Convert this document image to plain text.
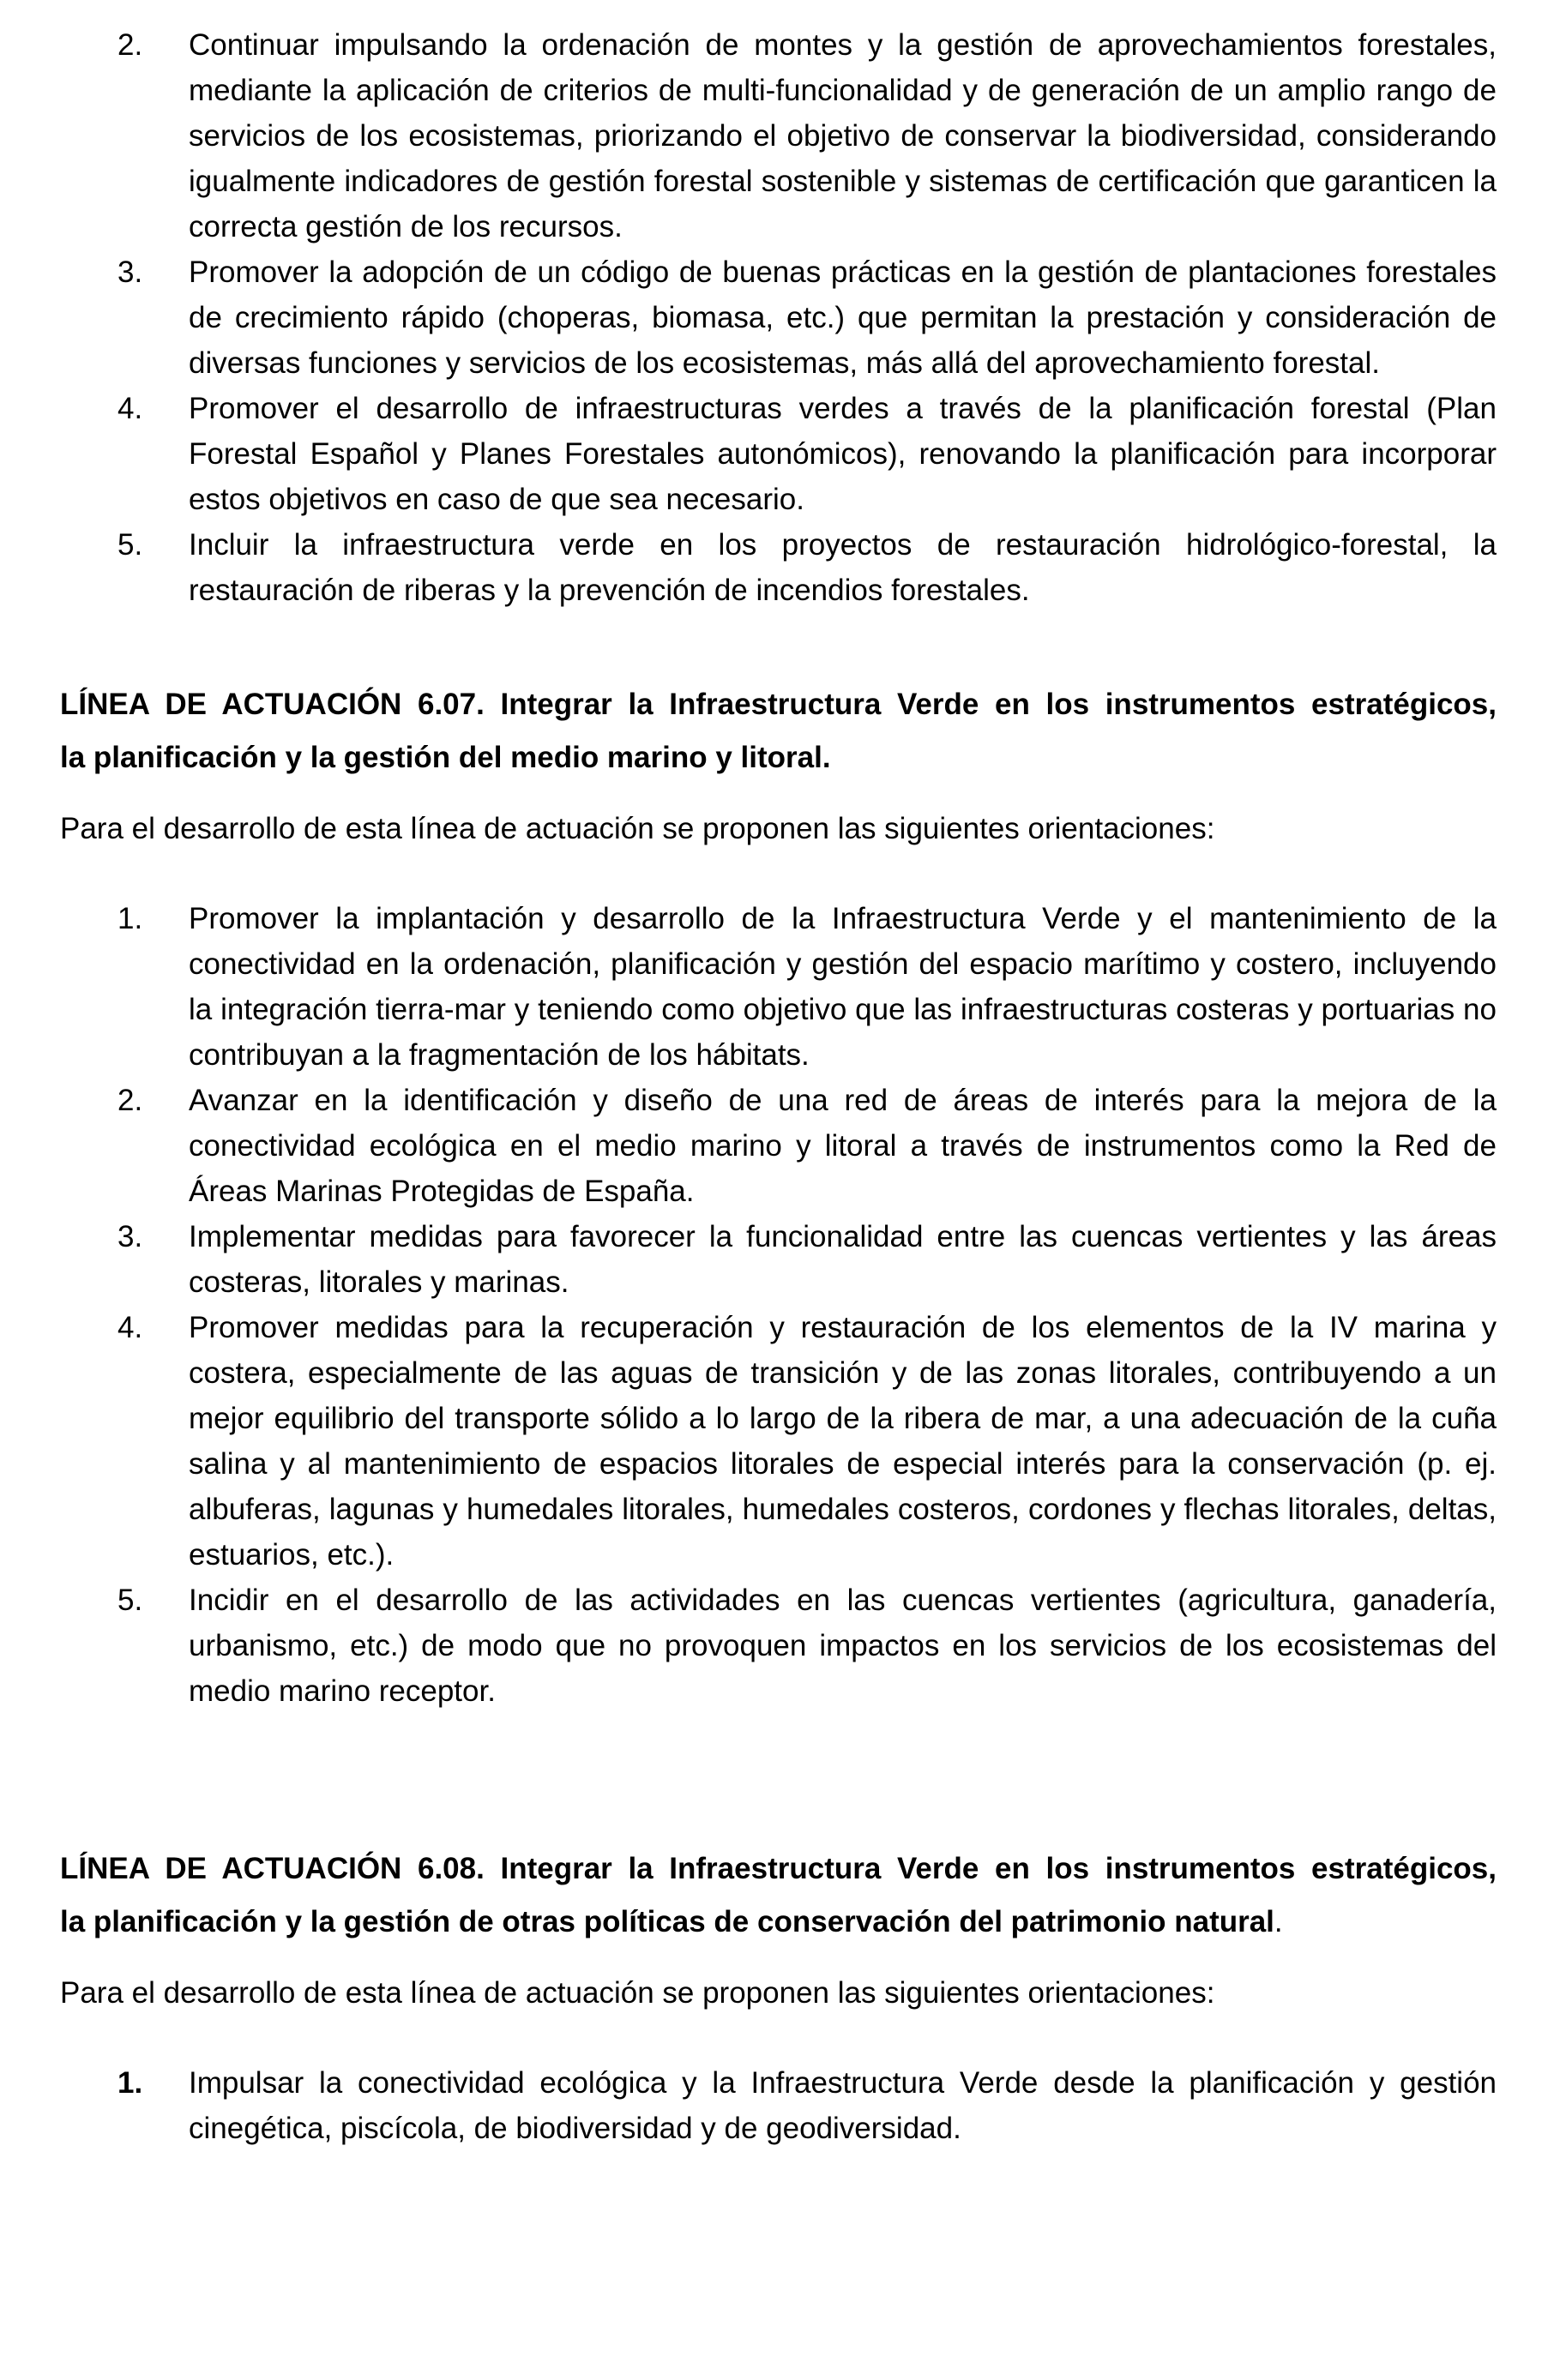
2. Continuar impulsando la ordenación de montes y la gestión de aprovechamientos forestales, mediante la aplicación de criterios de multi-funcionalidad y de generación de un amplio rango de servicios de los ecosistemas, priorizando el objetivo de conservar la biodiversidad, considerando igualmente indicadores de gestión forestal sostenible y sistemas de certificación que garanticen la correcta gestión de los recursos.
3. Promover la adopción de un código de buenas prácticas en la gestión de plantaciones forestales de crecimiento rápido (choperas, biomasa, etc.) que permitan la prestación y consideración de diversas funciones y servicios de los ecosistemas, más allá del aprovechamiento forestal.
4. Promover el desarrollo de infraestructuras verdes a través de la planificación forestal (Plan Forestal Español y Planes Forestales autonómicos), renovando la planificación para incorporar estos objetivos en caso de que sea necesario.
5. Incluir la infraestructura verde en los proyectos de restauración hidrológico-forestal, la restauración de riberas y la prevención de incendios forestales.
LÍNEA DE ACTUACIÓN 6.07. Integrar la Infraestructura Verde en los instrumentos estratégicos,
la planificación y la gestión del medio marino y litoral.

Para el desarrollo de esta línea de actuación se proponen las siguientes orientaciones:

1. Promover la implantación y desarrollo de la Infraestructura Verde y el mantenimiento de la conectividad en la ordenación, planificación y gestión del espacio marítimo y costero, incluyendo la integración tierra-mar y teniendo como objetivo que las infraestructuras costeras y portuarias no contribuyan a la fragmentación de los hábitats.
2. Avanzar en la identificación y diseño de una red de áreas de interés para la mejora de la conectividad ecológica en el medio marino y litoral a través de instrumentos como la Red de Áreas Marinas Protegidas de España.
3. Implementar medidas para favorecer la funcionalidad entre las cuencas vertientes y las áreas costeras, litorales y marinas.
4. Promover medidas para la recuperación y restauración de los elementos de la IV marina y costera, especialmente de las aguas de transición y de las zonas litorales, contribuyendo a un mejor equilibrio del transporte sólido a lo largo de la ribera de mar, a una adecuación de la cuña salina y al mantenimiento de espacios litorales de especial interés para la conservación (p. ej. albuferas, lagunas y humedales litorales, humedales costeros, cordones y flechas litorales, deltas, estuarios, etc.).
5. Incidir en el desarrollo de las actividades en las cuencas vertientes (agricultura, ganadería, urbanismo, etc.) de modo que no provoquen impactos en los servicios de los ecosistemas del medio marino receptor.
LÍNEA DE ACTUACIÓN 6.08. Integrar la Infraestructura Verde en los instrumentos estratégicos,
la planificación y la gestión de otras políticas de conservación del patrimonio natural.

Para el desarrollo de esta línea de actuación se proponen las siguientes orientaciones:

1. Impulsar la conectividad ecológica y la Infraestructura Verde desde la planificación y gestión cinegética, piscícola, de biodiversidad y de geodiversidad.
